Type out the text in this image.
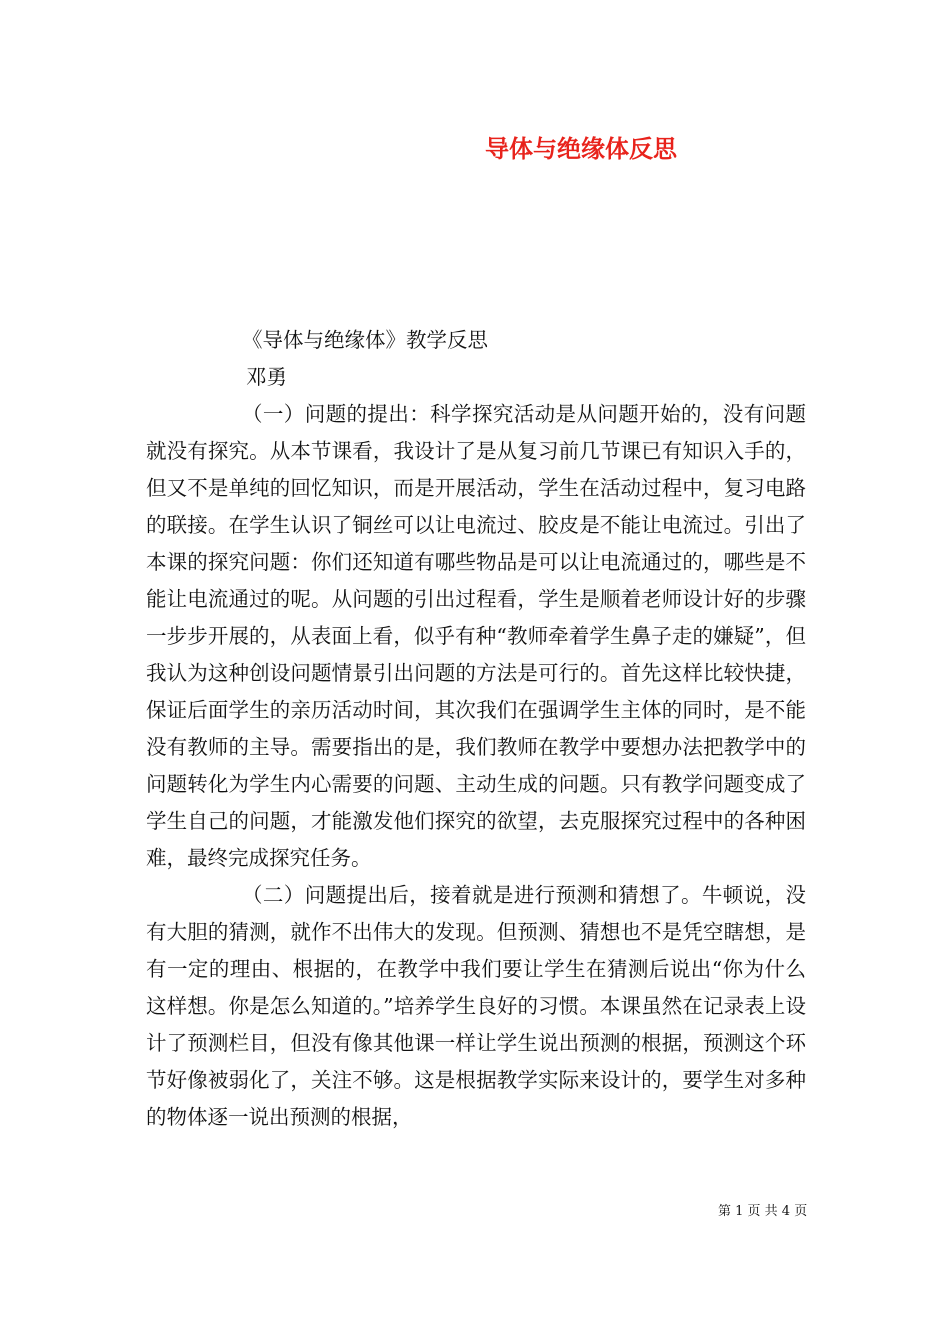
导体与绝缘体反思

《导体与绝缘体》教学反思

邓勇

（一）问题的提出：科学探究活动是从问题开始的，没有问题就没有探究。从本节课看，我设计了是从复习前几节课已有知识入手的，但又不是单纯的回忆知识，而是开展活动，学生在活动过程中，复习电路的联接。在学生认识了铜丝可以让电流过、胶皮是不能让电流过。引出了本课的探究问题：你们还知道有哪些物品是可以让电流通过的，哪些是不能让电流通过的呢。从问题的引出过程看，学生是顺着老师设计好的步骤一步步开展的，从表面上看，似乎有种“教师牵着学生鼻子走的嫌疑”，但我认为这种创设问题情景引出问题的方法是可行的。首先这样比较快捷，保证后面学生的亲历活动时间，其次我们在强调学生主体的同时，是不能没有教师的主导。需要指出的是，我们教师在教学中要想办法把教学中的问题转化为学生内心需要的问题、主动生成的问题。只有教学问题变成了学生自己的问题，才能激发他们探究的欲望，去克服探究过程中的各种困难，最终完成探究任务。

（二）问题提出后，接着就是进行预测和猜想了。牛顿说，没有大胆的猜测，就作不出伟大的发现。但预测、猜想也不是凭空瞎想，是有一定的理由、根据的，在教学中我们要让学生在猜测后说出“你为什么这样想。你是怎么知道的。”培养学生良好的习惯。本课虽然在记录表上设计了预测栏目，但没有像其他课一样让学生说出预测的根据，预测这个环节好像被弱化了，关注不够。这是根据教学实际来设计的，要学生对多种的物体逐一说出预测的根据，

第 1 页 共 4 页
